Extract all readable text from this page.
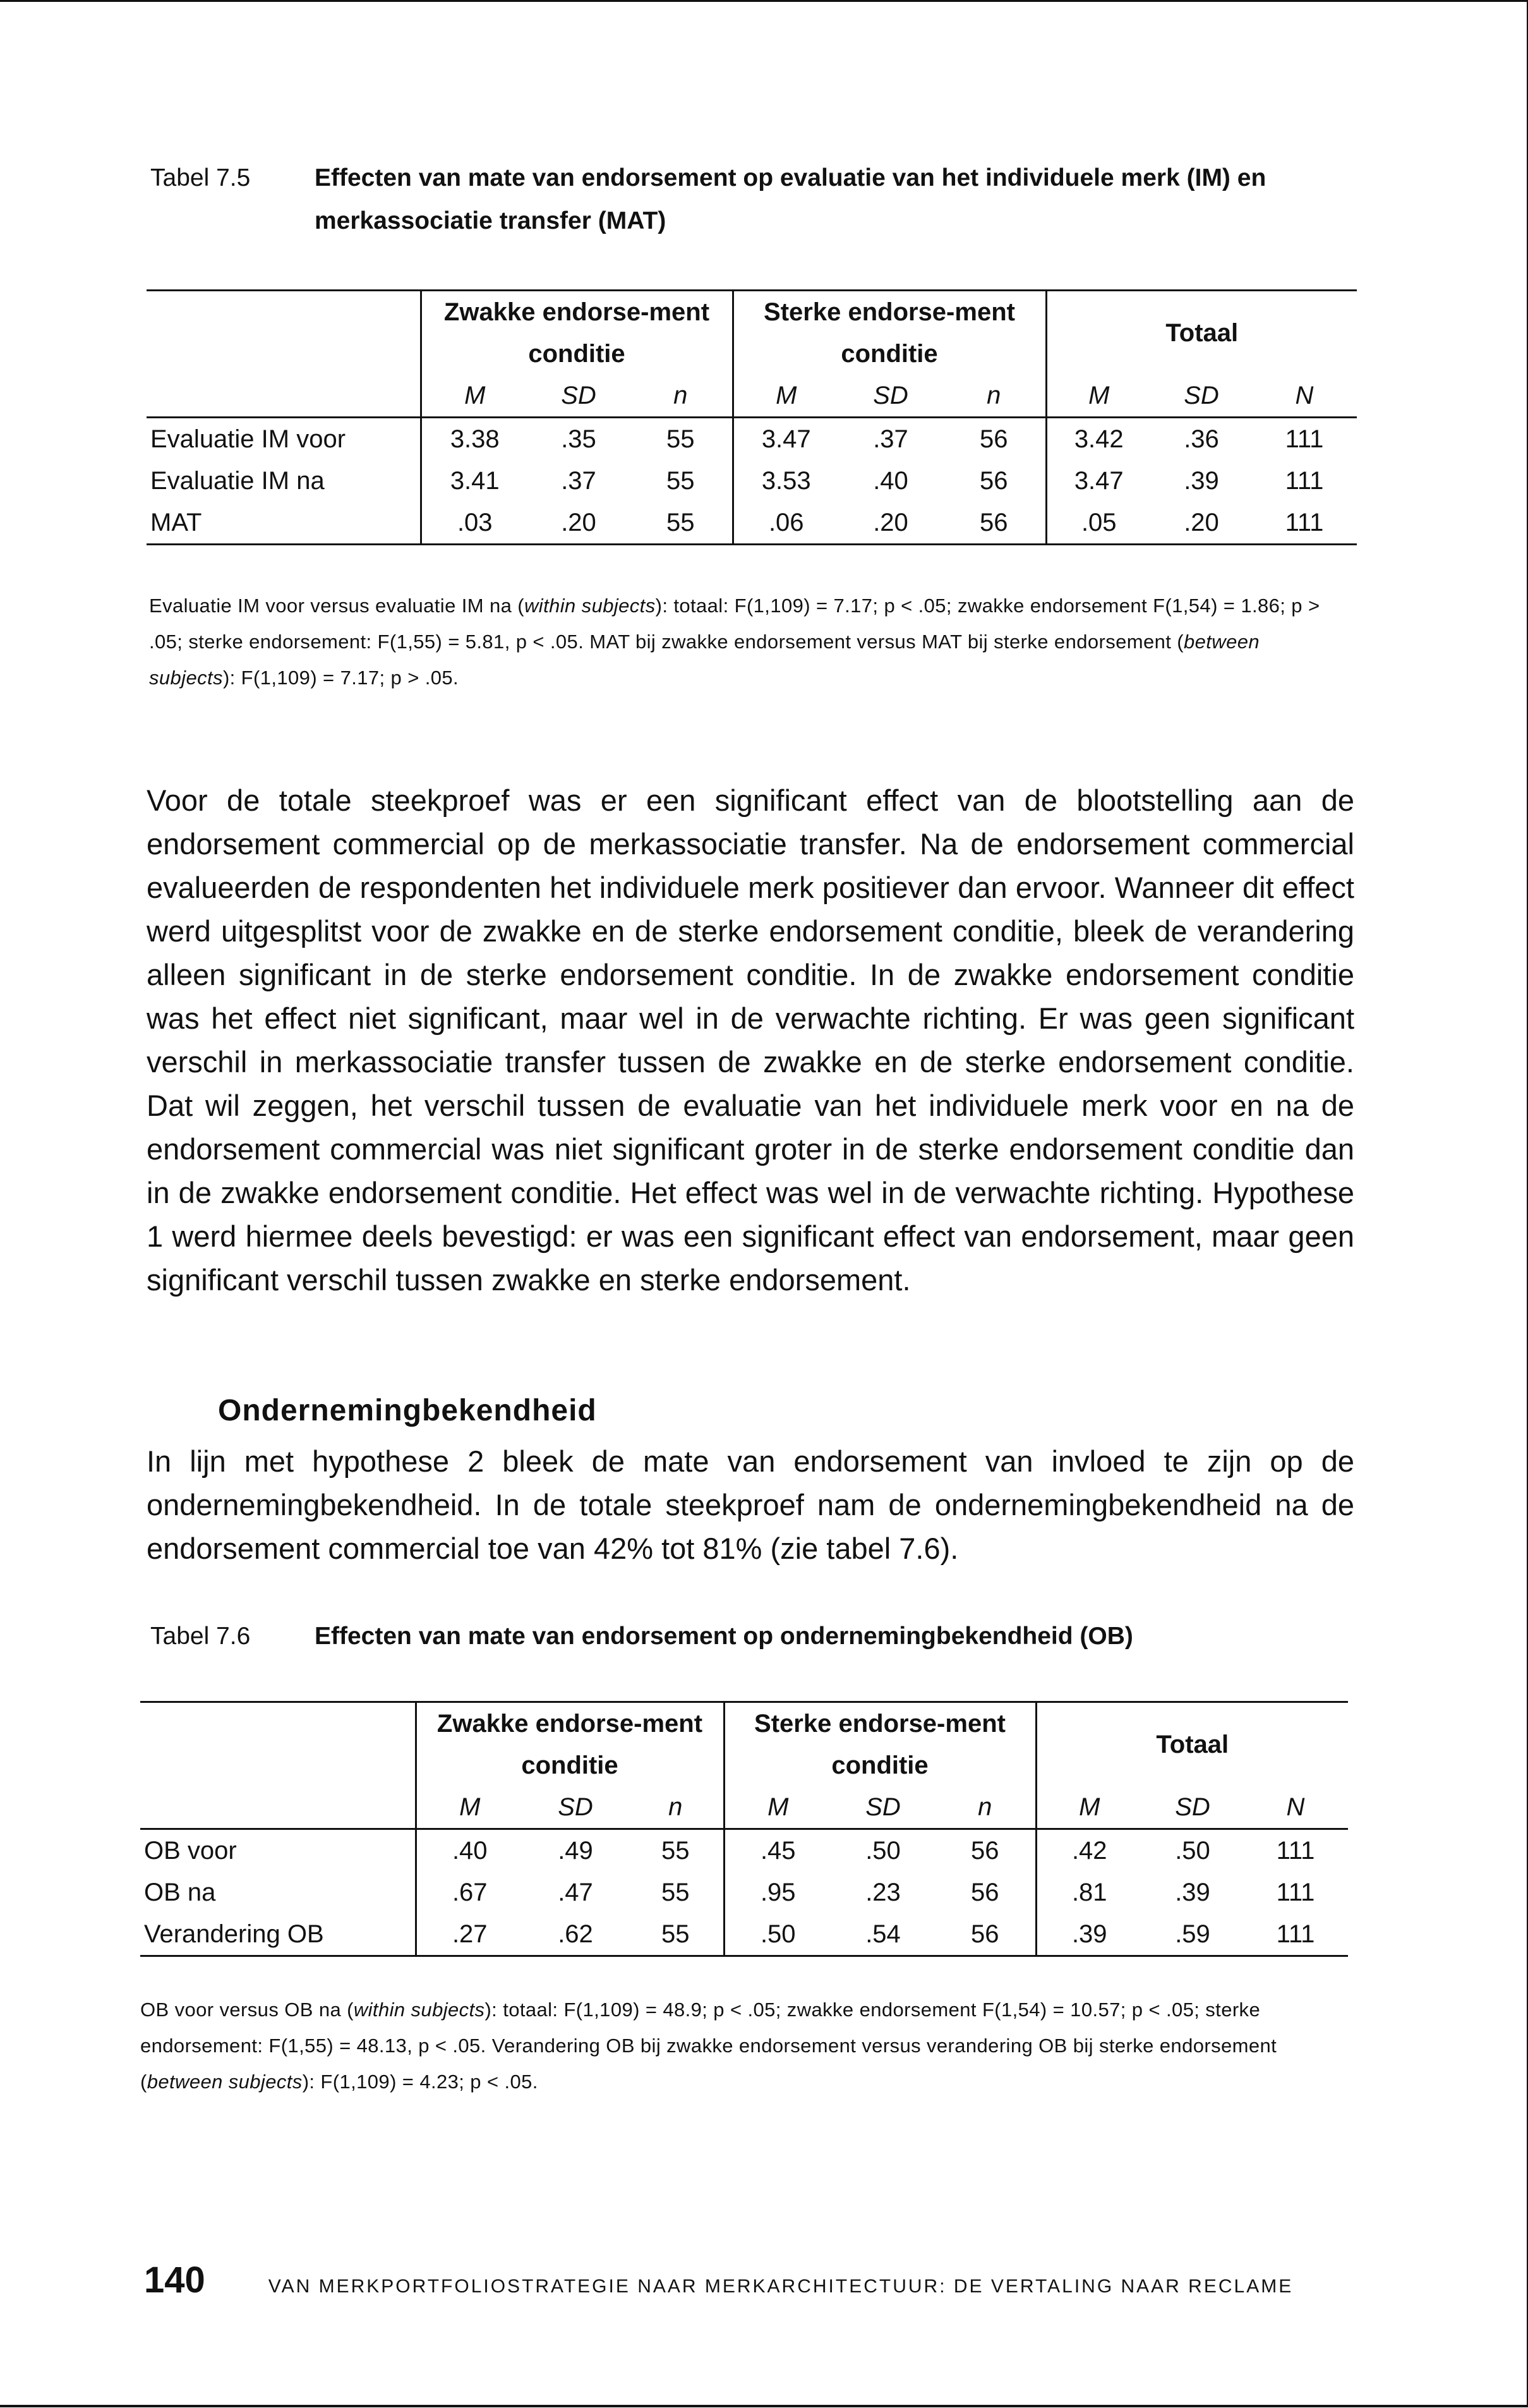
Tabel 7.5	Effecten van mate van endorsement op evaluatie van het individuele merk (IM) en merkassociatie transfer (MAT)
	Zwakke endorse-ment conditie			Sterke endorse-ment conditie			Totaal		
	M	SD	n	M	SD	n	M	SD	N
Evaluatie IM voor	3.38	.35	55	3.47	.37	56	3.42	.36	111
Evaluatie IM na	3.41	.37	55	3.53	.40	56	3.47	.39	111
MAT	.03	.20	55	.06	.20	56	.05	.20	111
Evaluatie IM voor versus evaluatie IM na (within subjects): totaal: F(1,109) = 7.17; p < .05; zwakke endorsement F(1,54) = 1.86; p > .05; sterke endorsement: F(1,55) = 5.81, p < .05. MAT bij zwakke endorsement versus MAT bij sterke endorsement (between subjects): F(1,109) = 7.17; p > .05.
Voor de totale steekproef was er een significant effect van de blootstelling aan de endorsement commercial op de merkassociatie transfer. Na de endorsement commercial evalueerden de respondenten het individuele merk positiever dan ervoor. Wanneer dit effect werd uitgesplitst voor de zwakke en de sterke endorsement conditie, bleek de verandering alleen significant in de sterke endorsement conditie. In de zwakke endorsement conditie was het effect niet significant, maar wel in de verwachte richting. Er was geen significant verschil in merkassociatie transfer tussen de zwakke en de sterke endorsement conditie. Dat wil zeggen, het verschil tussen de evaluatie van het individuele merk voor en na de endorsement commercial was niet significant groter in de sterke endorsement conditie dan in de zwakke endorsement conditie. Het effect was wel in de verwachte richting. Hypothese 1 werd hiermee deels bevestigd: er was een significant effect van endorsement, maar geen significant verschil tussen zwakke en sterke endorsement.
Ondernemingbekendheid
In lijn met hypothese 2 bleek de mate van endorsement van invloed te zijn op de ondernemingbekendheid. In de totale steekproef nam de ondernemingbekendheid na de endorsement commercial toe van 42% tot 81% (zie tabel 7.6).
Tabel 7.6	Effecten van mate van endorsement op ondernemingbekendheid (OB)
	Zwakke endorse-ment conditie			Sterke endorse-ment conditie			Totaal		
	M	SD	n	M	SD	n	M	SD	N
OB voor	.40	.49	55	.45	.50	56	.42	.50	111
OB na	.67	.47	55	.95	.23	56	.81	.39	111
Verandering OB	.27	.62	55	.50	.54	56	.39	.59	111
OB voor versus OB na (within subjects): totaal: F(1,109) = 48.9; p < .05; zwakke endorsement F(1,54) = 10.57; p < .05; sterke endorsement: F(1,55) = 48.13, p < .05. Verandering OB bij zwakke endorsement versus verandering OB bij sterke endorsement (between subjects): F(1,109) = 4.23; p < .05.
140	VAN MERKPORTFOLIOSTRATEGIE NAAR MERKARCHITECTUUR: DE VERTALING NAAR RECLAME
